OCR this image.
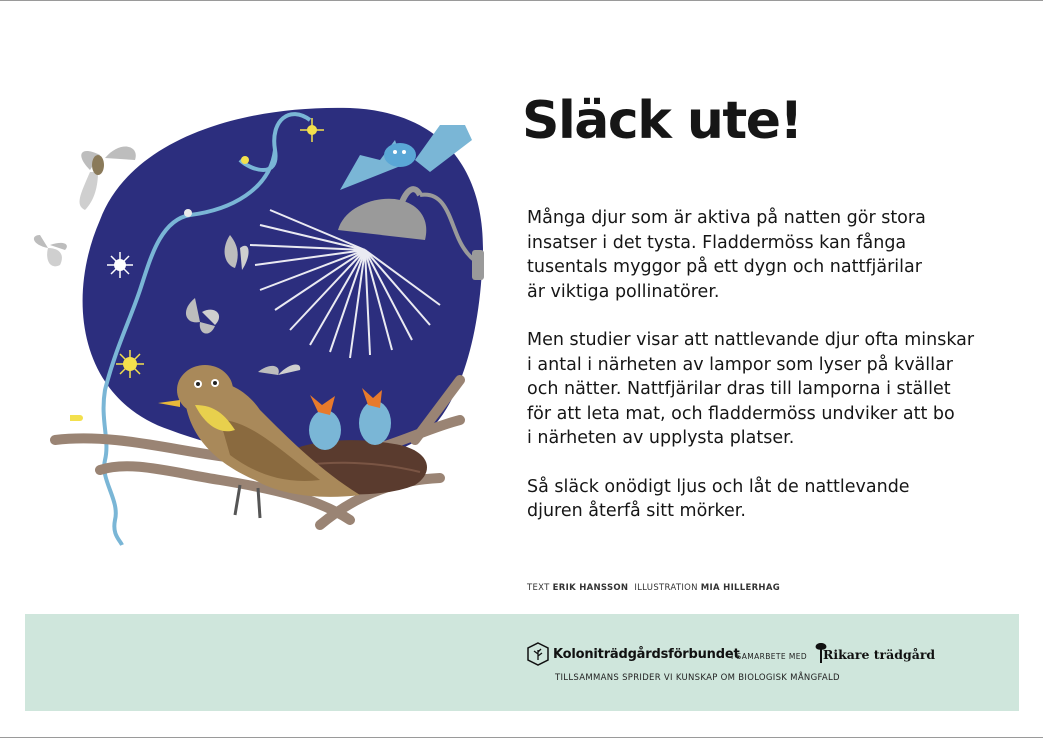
Släck ute!

Många djur som är aktiva på natten gör stora
insatser i det tysta. Fladdermöss kan fånga
tusentals myggor på ett dygn och nattfjärilar
är viktiga pollinatörer.

Men studier visar att nattlevande djur ofta minskar
i antal i närheten av lampor som lyser på kvällar
och nätter. Nattfjärilar dras till lamporna i stället
för att leta mat, och fladdermöss undviker att bo
i närheten av upplysta platser.

Så släck onödigt ljus och låt de nattlevande
djuren återfå sitt mörker.

TEXT ERIK HANSSON ILLUSTRATION MIA HILLERHAG
Koloniträdgårdsförbundet
I SAMARBETE MED Rikare trädgård
TILLSAMMANS SPRIDER VI KUNSKAP OM BIOLOGISK MÅNGFALD
